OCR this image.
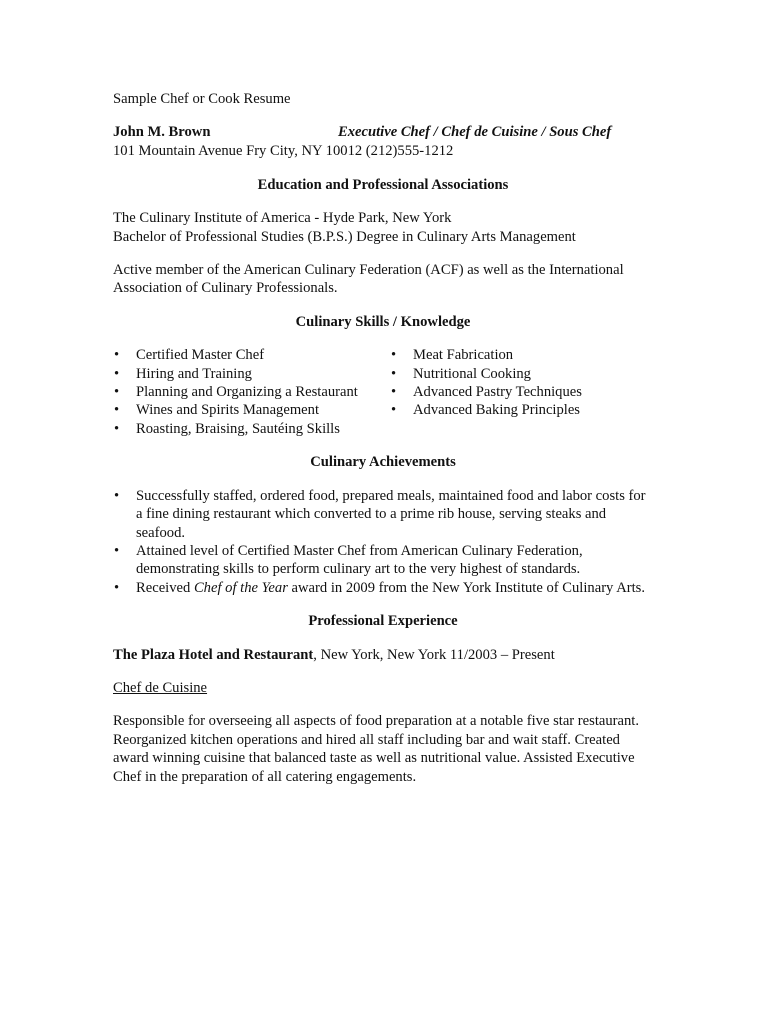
Sample Chef or Cook Resume

John M. Brown	Executive Chef / Chef de Cuisine / Sous Chef

101 Mountain Avenue Fry City, NY 10012 (212)555-1212

Education and Professional Associations

The Culinary Institute of America - Hyde Park, New York

Bachelor of Professional Studies (B.P.S.) Degree in Culinary Arts Management

Active member of the American Culinary Federation (ACF) as well as the International Association of Culinary Professionals.

Culinary Skills / Knowledge

• Certified Master Chef
• Hiring and Training
• Planning and Organizing a Restaurant
• Wines and Spirits Management
• Roasting, Braising, Sautéing Skills
• Meat Fabrication
• Nutritional Cooking
• Advanced Pastry Techniques
• Advanced Baking Principles

Culinary Achievements

• Successfully staffed, ordered food, prepared meals, maintained food and labor costs for a fine dining restaurant which converted to a prime rib house, serving steaks and seafood.
• Attained level of Certified Master Chef from American Culinary Federation, demonstrating skills to perform culinary art to the very highest of standards.
• Received Chef of the Year award in 2009 from the New York Institute of Culinary Arts.

Professional Experience

The Plaza Hotel and Restaurant, New York, New York 11/2003 – Present

Chef de Cuisine

Responsible for overseeing all aspects of food preparation at a notable five star restaurant. Reorganized kitchen operations and hired all staff including bar and wait staff. Created award winning cuisine that balanced taste as well as nutritional value. Assisted Executive Chef in the preparation of all catering engagements.
